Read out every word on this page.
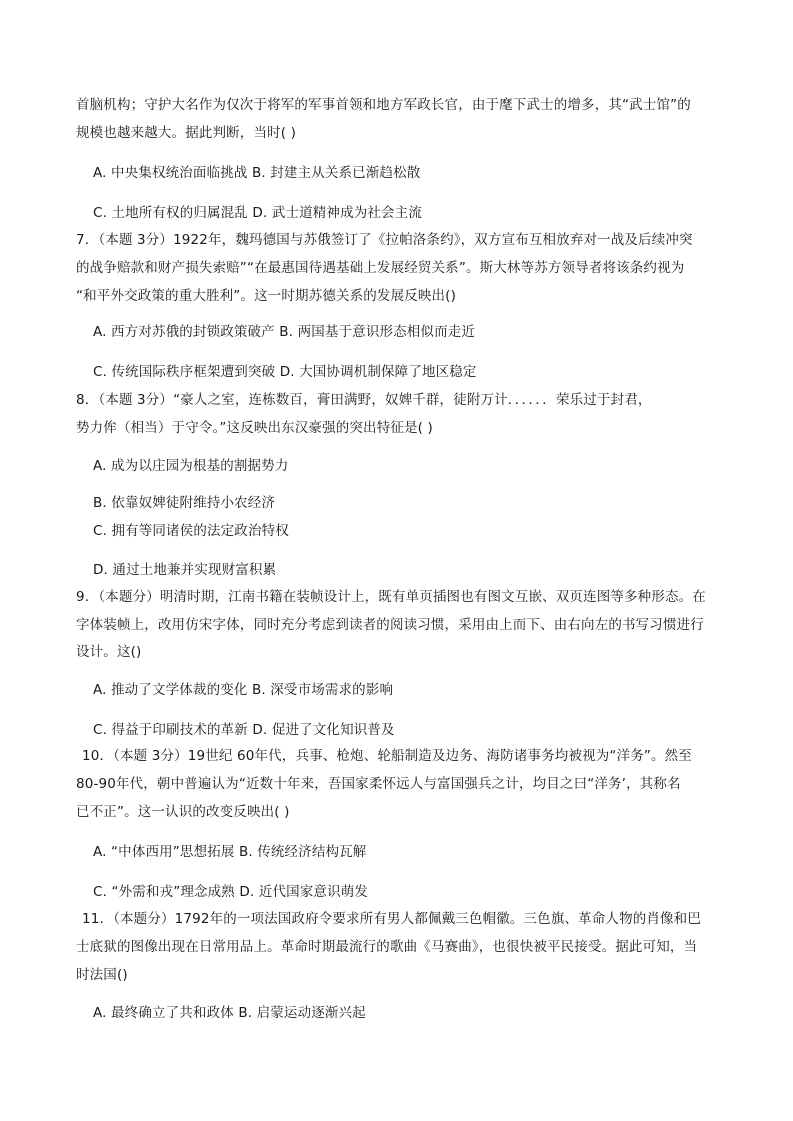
首脑机构；守护大名作为仅次于将军的军事首领和地方军政长官，由于麾下武士的增多，其“武士馆”的
规模也越来越大。据此判断，当时( )
A. 中央集权统治面临挑战 B. 封建主从关系已渐趋松散
C. 土地所有权的归属混乱 D. 武士道精神成为社会主流
7．（本题 3分）1922年，魏玛德国与苏俄签订了《拉帕洛条约》，双方宣布互相放弃对一战及后续冲突
的战争赔款和财产损失索赔”“在最惠国待遇基础上发展经贸关系”。斯大林等苏方领导者将该条约视为
“和平外交政策的重大胜利”。这一时期苏德关系的发展反映出()
A. 西方对苏俄的封锁政策破产 B. 两国基于意识形态相似而走近
C. 传统国际秩序框架遭到突破 D. 大国协调机制保障了地区稳定
8．（本题 3分）“豪人之室，连栋数百，膏田满野，奴婢千群，徒附万计．．．．．．荣乐过于封君，
势力侔（相当）于守令。”这反映出东汉豪强的突出特征是( )
A. 成为以庄园为根基的割据势力
B. 依靠奴婢徒附维持小农经济
C. 拥有等同诸侯的法定政治特权
D. 通过土地兼并实现财富积累
9．（本题分）明清时期，江南书籍在装帧设计上，既有单页插图也有图文互嵌、双页连图等多种形态。在
字体装帧上，改用仿宋字体，同时充分考虑到读者的阅读习惯，采用由上而下、由右向左的书写习惯进行
设计。这()
A. 推动了文学体裁的变化 B. 深受市场需求的影响
C. 得益于印刷技术的革新 D. 促进了文化知识普及
10．（本题 3分）19世纪 60年代，兵事、枪炮、轮船制造及边务、海防诸事务均被视为“洋务”。然至
80-90年代，朝中普遍认为“近数十年来，吾国家柔怀远人与富国强兵之计，均目之曰“洋务’，其称名
已不正”。这一认识的改变反映出( )
A. “中体西用”思想拓展 B. 传统经济结构瓦解
C. “外需和戎”理念成熟 D. 近代国家意识萌发
11．（本题分）1792年的一项法国政府令要求所有男人都佩戴三色帽徽。三色旗、革命人物的肖像和巴
士底狱的图像出现在日常用品上。革命时期最流行的歌曲《马赛曲》，也很快被平民接受。据此可知，当
时法国()
A. 最终确立了共和政体 B. 启蒙运动逐渐兴起
